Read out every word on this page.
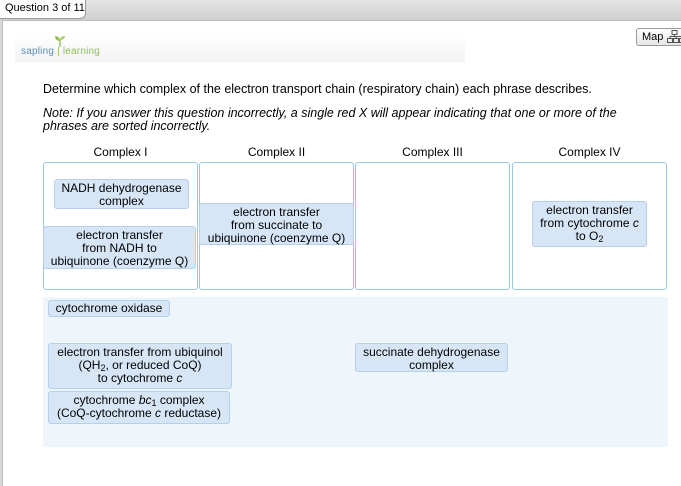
Question 3 of 11
sapling | learning
Map
Determine which complex of the electron transport chain (respiratory chain) each phrase describes.
Note: If you answer this question incorrectly, a single red X will appear indicating that one or more of the phrases are sorted incorrectly.
Complex I	Complex II	Complex III	Complex IV
NADH dehydrogenase
complex
electron transfer
from NADH to
ubiquinone (coenzyme Q)
electron transfer
from succinate to
ubiquinone (coenzyme Q)
electron transfer
from cytochrome c
to $O_2$
cytochrome oxidase
electron transfer from ubiquinol
($QH_2$, or reduced CoQ)
to cytochrome c
cytochrome $bc_1$ complex
(CoQ-cytochrome c reductase)
succinate dehydrogenase
complex
